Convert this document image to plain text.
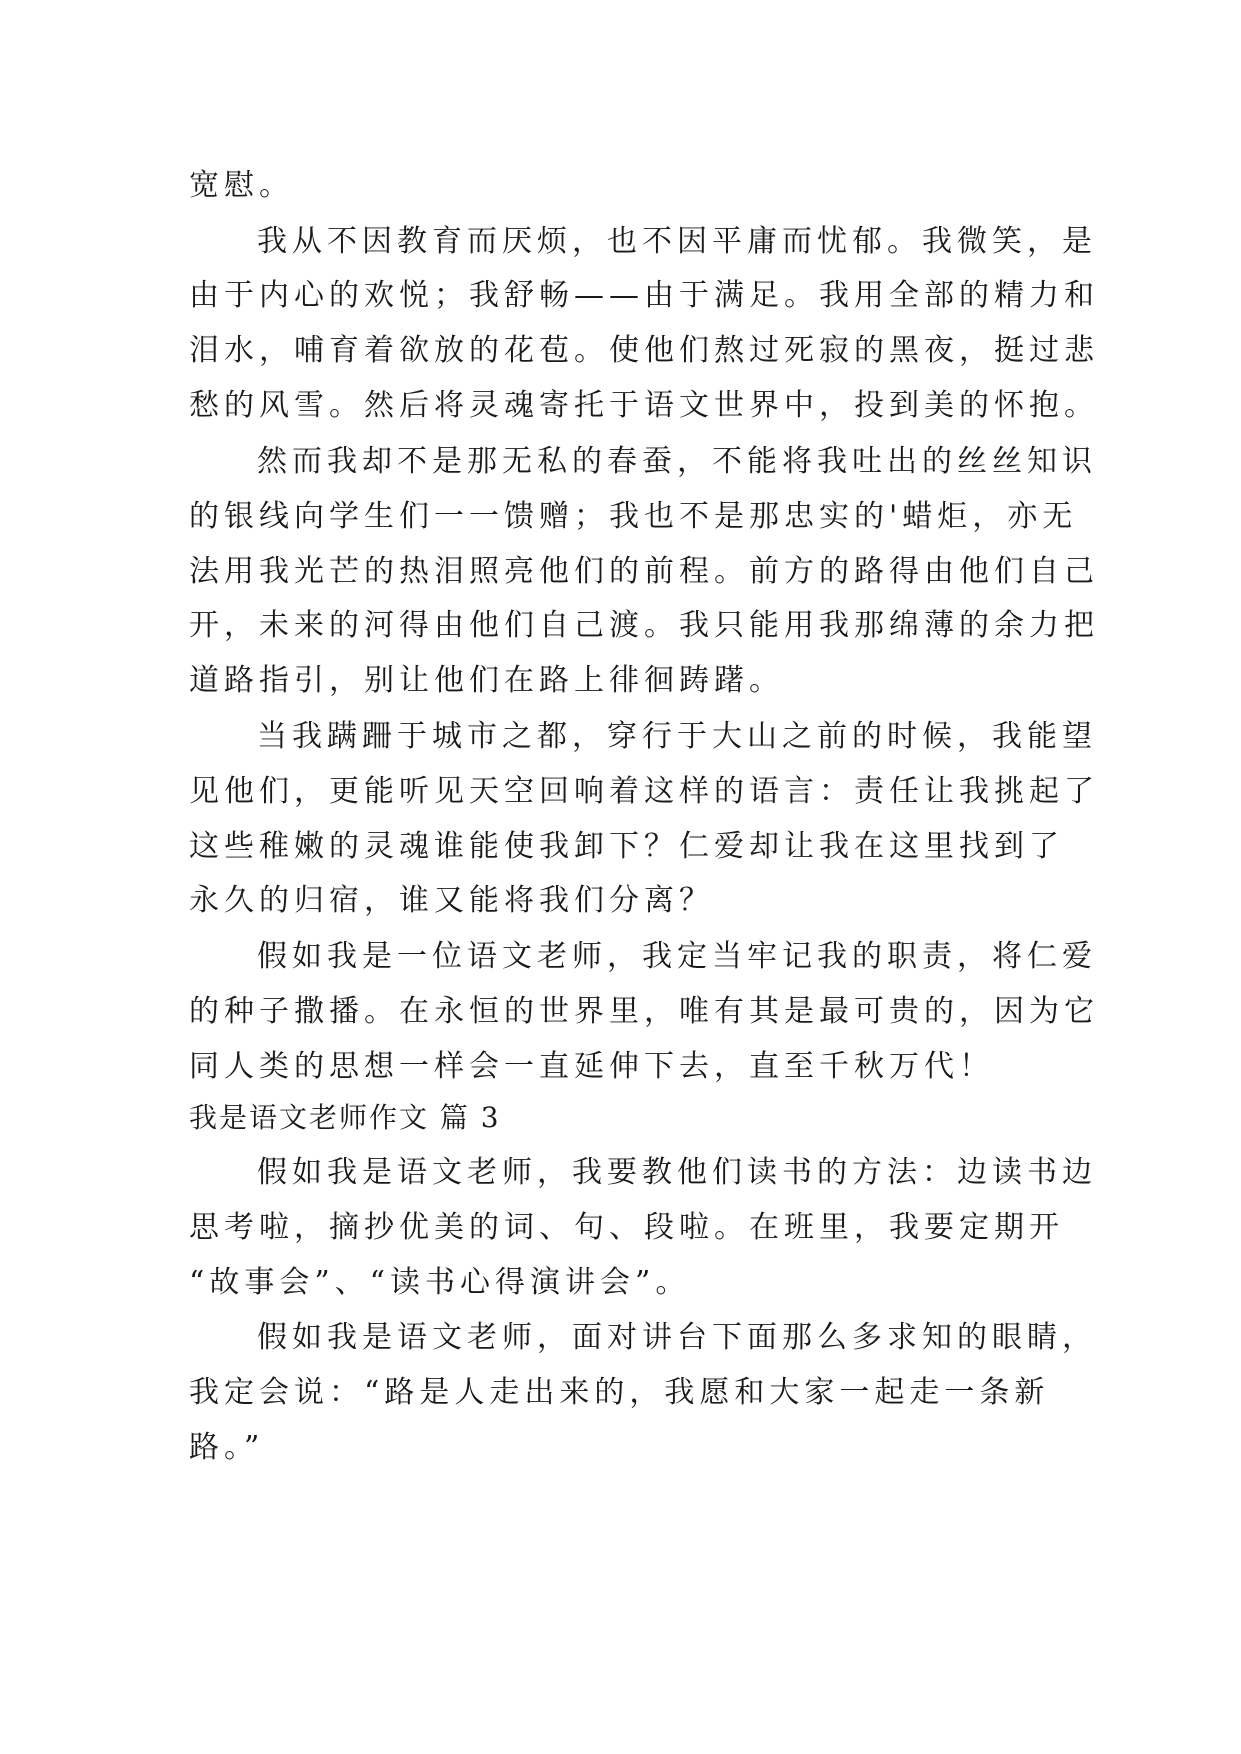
宽慰。

我从不因教育而厌烦，也不因平庸而忧郁。我微笑，是

由于内心的欢悦；我舒畅——由于满足。我用全部的精力和

泪水，哺育着欲放的花苞。使他们熬过死寂的黑夜，挺过悲

愁的风雪。然后将灵魂寄托于语文世界中，投到美的怀抱。

然而我却不是那无私的春蚕，不能将我吐出的丝丝知识

的银线向学生们一一馈赠；我也不是那忠实的'蜡炬，亦无

法用我光芒的热泪照亮他们的前程。前方的路得由他们自己

开，未来的河得由他们自己渡。我只能用我那绵薄的余力把

道路指引，别让他们在路上徘徊踌躇。

当我蹒跚于城市之都，穿行于大山之前的时候，我能望

见他们，更能听见天空回响着这样的语言：责任让我挑起了

这些稚嫩的灵魂谁能使我卸下？仁爱却让我在这里找到了

永久的归宿，谁又能将我们分离？

假如我是一位语文老师，我定当牢记我的职责，将仁爱

的种子撒播。在永恒的世界里，唯有其是最可贵的，因为它

同人类的思想一样会一直延伸下去，直至千秋万代！

我是语文老师作文 篇 3

假如我是语文老师，我要教他们读书的方法：边读书边

思考啦，摘抄优美的词、句、段啦。在班里，我要定期开

“故事会”、“读书心得演讲会”。

假如我是语文老师，面对讲台下面那么多求知的眼睛，

我定会说：“路是人走出来的，我愿和大家一起走一条新

路。”
